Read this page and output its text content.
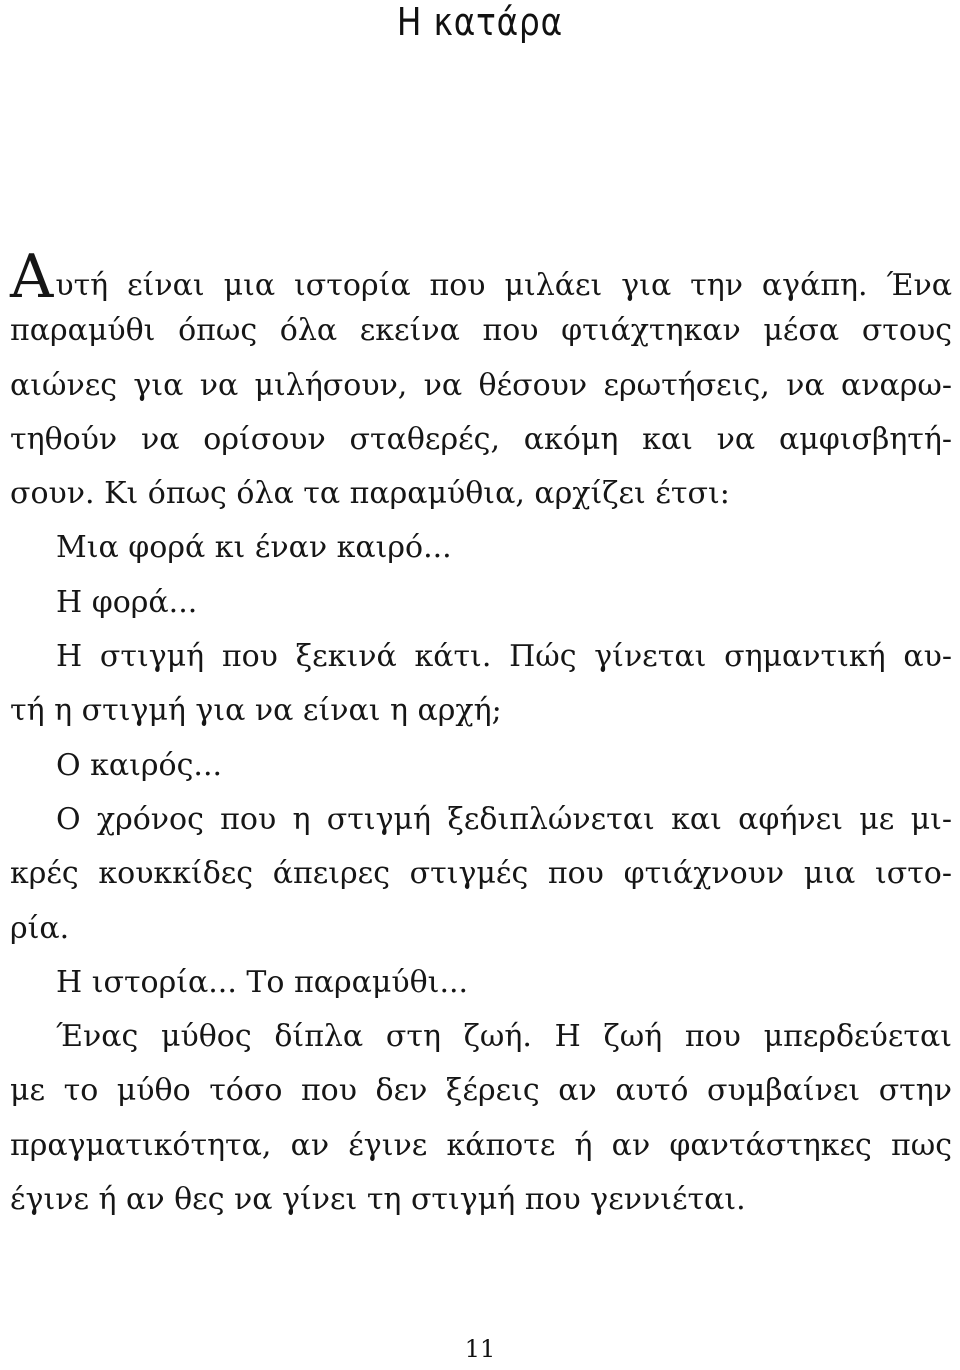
Η κατάρα
Αυτή είναι μια ιστορία που μιλάει για την αγάπη. Ένα
παραμύθι όπως όλα εκείνα που φτιάχτηκαν μέσα στους
αιώνες για να μιλήσουν, να θέσουν ερωτήσεις, να αναρω-
τηθούν να ορίσουν σταθερές, ακόμη και να αμφισβητή-
σουν. Κι όπως όλα τα παραμύθια, αρχίζει έτσι:
Μια φορά κι έναν καιρό...
Η φορά...
Η στιγμή που ξεκινά κάτι. Πώς γίνεται σημαντική αυ-
τή η στιγμή για να είναι η αρχή;
Ο καιρός...
Ο χρόνος που η στιγμή ξεδιπλώνεται και αφήνει με μι-
κρές κουκκίδες άπειρες στιγμές που φτιάχνουν μια ιστο-
ρία.
Η ιστορία... Το παραμύθι...
Ένας μύθος δίπλα στη ζωή. Η ζωή που μπερδεύεται
με το μύθο τόσο που δεν ξέρεις αν αυτό συμβαίνει στην
πραγματικότητα, αν έγινε κάποτε ή αν φαντάστηκες πως
έγινε ή αν θες να γίνει τη στιγμή που γεννιέται.
11
